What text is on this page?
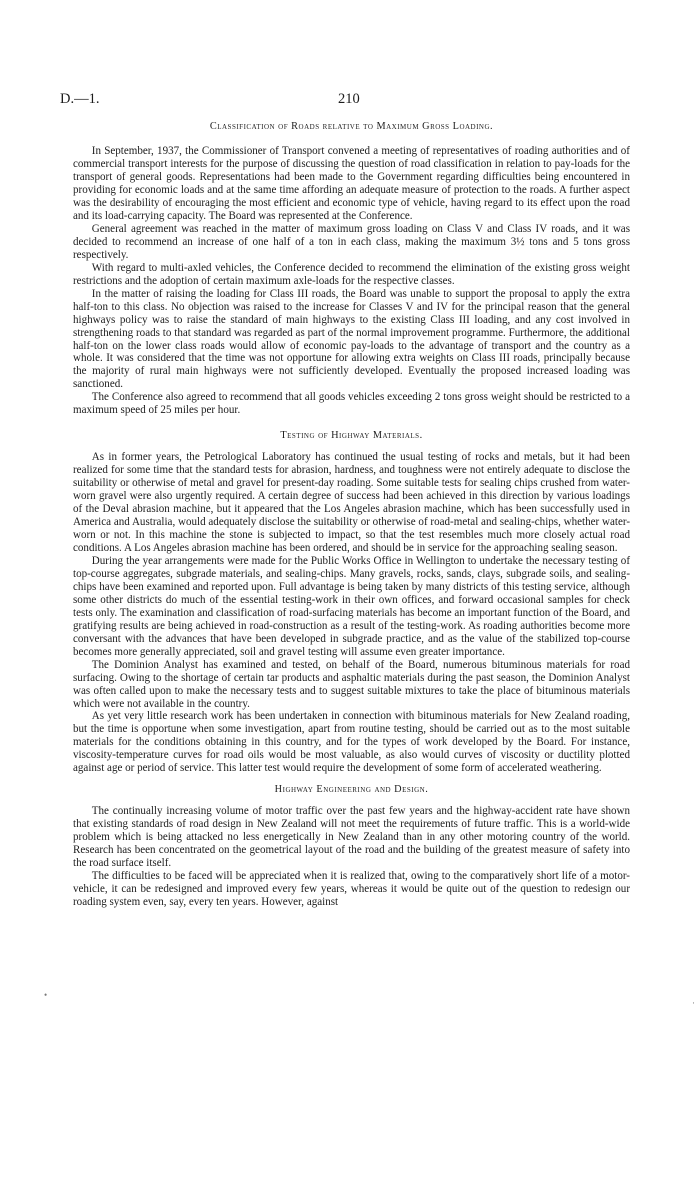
D.—1.	210
Classification of Roads relative to Maximum Gross Loading.

In September, 1937, the Commissioner of Transport convened a meeting of representatives of roading authorities and of commercial transport interests for the purpose of discussing the question of road classification in relation to pay-loads for the transport of general goods. Representations had been made to the Government regarding difficulties being encountered in providing for economic loads and at the same time affording an adequate measure of protection to the roads. A further aspect was the desirability of encouraging the most efficient and economic type of vehicle, having regard to its effect upon the road and its load-carrying capacity. The Board was represented at the Conference.

General agreement was reached in the matter of maximum gross loading on Class V and Class IV roads, and it was decided to recommend an increase of one half of a ton in each class, making the maximum 3½ tons and 5 tons gross respectively.

With regard to multi-axled vehicles, the Conference decided to recommend the elimination of the existing gross weight restrictions and the adoption of certain maximum axle-loads for the respective classes.

In the matter of raising the loading for Class III roads, the Board was unable to support the proposal to apply the extra half-ton to this class. No objection was raised to the increase for Classes V and IV for the principal reason that the general highways policy was to raise the standard of main highways to the existing Class III loading, and any cost involved in strengthening roads to that standard was regarded as part of the normal improvement programme. Furthermore, the additional half-ton on the lower class roads would allow of economic pay-loads to the advantage of transport and the country as a whole. It was considered that the time was not opportune for allowing extra weights on Class III roads, principally because the majority of rural main highways were not sufficiently developed. Eventually the proposed increased loading was sanctioned.

The Conference also agreed to recommend that all goods vehicles exceeding 2 tons gross weight should be restricted to a maximum speed of 25 miles per hour.

Testing of Highway Materials.

As in former years, the Petrological Laboratory has continued the usual testing of rocks and metals, but it had been realized for some time that the standard tests for abrasion, hardness, and toughness were not entirely adequate to disclose the suitability or otherwise of metal and gravel for present-day roading. Some suitable tests for sealing chips crushed from water-worn gravel were also urgently required. A certain degree of success had been achieved in this direction by various loadings of the Deval abrasion machine, but it appeared that the Los Angeles abrasion machine, which has been successfully used in America and Australia, would adequately disclose the suitability or otherwise of road-metal and sealing-chips, whether water-worn or not. In this machine the stone is subjected to impact, so that the test resembles much more closely actual road conditions. A Los Angeles abrasion machine has been ordered, and should be in service for the approaching sealing season.

During the year arrangements were made for the Public Works Office in Wellington to undertake the necessary testing of top-course aggregates, subgrade materials, and sealing-chips. Many gravels, rocks, sands, clays, subgrade soils, and sealing-chips have been examined and reported upon. Full advantage is being taken by many districts of this testing service, although some other districts do much of the essential testing-work in their own offices, and forward occasional samples for check tests only. The examination and classification of road-surfacing materials has become an important function of the Board, and gratifying results are being achieved in road-construction as a result of the testing-work. As roading authorities become more conversant with the advances that have been developed in subgrade practice, and as the value of the stabilized top-course becomes more generally appreciated, soil and gravel testing will assume even greater importance.

The Dominion Analyst has examined and tested, on behalf of the Board, numerous bituminous materials for road surfacing. Owing to the shortage of certain tar products and asphaltic materials during the past season, the Dominion Analyst was often called upon to make the necessary tests and to suggest suitable mixtures to take the place of bituminous materials which were not available in the country.

As yet very little research work has been undertaken in connection with bituminous materials for New Zealand roading, but the time is opportune when some investigation, apart from routine testing, should be carried out as to the most suitable materials for the conditions obtaining in this country, and for the types of work developed by the Board. For instance, viscosity-temperature curves for road oils would be most valuable, as also would curves of viscosity or ductility plotted against age or period of service. This latter test would require the development of some form of accelerated weathering.

Highway Engineering and Design.

The continually increasing volume of motor traffic over the past few years and the highway-accident rate have shown that existing standards of road design in New Zealand will not meet the requirements of future traffic. This is a world-wide problem which is being attacked no less energetically in New Zealand than in any other motoring country of the world. Research has been concentrated on the geometrical layout of the road and the building of the greatest measure of safety into the road surface itself.

The difficulties to be faced will be appreciated when it is realized that, owing to the comparatively short life of a motor-vehicle, it can be redesigned and improved every few years, whereas it would be quite out of the question to redesign our roading system even, say, every ten years. However, against

•
·
